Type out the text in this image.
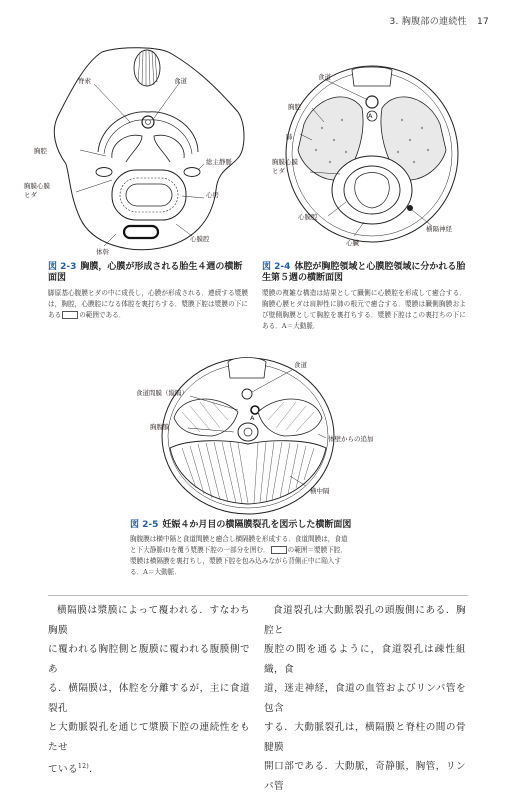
3. 胸腹部の連続性 17
脊索	食道
胸腔
総主静脈
胸膜心膜
ヒダ	心房
心膜腔
体幹
A
食道
胸腔
肺
胸膜心膜
ヒダ
心膜腔
横隔神経
心臓
図 2-3 胸膜，心膜が形成される胎生４週の横断面図
脚原基心腹膜ヒダの中に成長し，心膜が形成される．連続する漿膜は，胸腔，心膜腔になる体腔を裏打ちする．漿膜下腔は漿膜の下にある	の範囲である．
図 2-4 体腔が胸腔領域と心膜腔領域に分かれる胎生第５週の横断面図
漿膜の複雑な構造は結果として臓側に心膜腔を形成して癒合する．胸膜心膜ヒダは肩胛性に肺の根元で癒合する．漿膜は臓側胸膜および壁側胸膜として胸腔を裏打ちする．漿膜下腔はこの裏打ちの下にある．A＝大動脈．
A
食道
食道間膜（縦隔）
胸腹膜
体壁からの追加
横中隔
図 2-5 妊娠４か月目の横隔膜裂孔を図示した横断面図
胸腹膜は横中隔と食道間膜と癒合し横隔膜を形成する．食道間膜は，食道
と下大静脈(I)を覆う漿膜下腔の一部分を囲む．	の範囲＝漿膜下腔．
漿膜は横隔膜を裏打ちし，漿膜下腔を包み込みながら背側正中に陥入す
る．A＝大動脈．
横隔膜は漿膜によって覆われる．すなわち胸膜
に覆われる胸腔側と腹膜に覆われる腹膜側であ
る．横隔膜は，体腔を分離するが，主に食道裂孔
と大動脈裂孔を通じて漿膜下腔の連続性をもたせ
ている$^{12)}$．
食道裂孔は大動脈裂孔の頭腹側にある．胸腔と
腹腔の間を通るように，食道裂孔は疎性組織，食
道，迷走神経，食道の血管およびリンパ管を包含
する．大動脈裂孔は，横隔膜と脊柱の間の骨腱膜
開口部である．大動脈，奇静脈，胸管，リンパ管
